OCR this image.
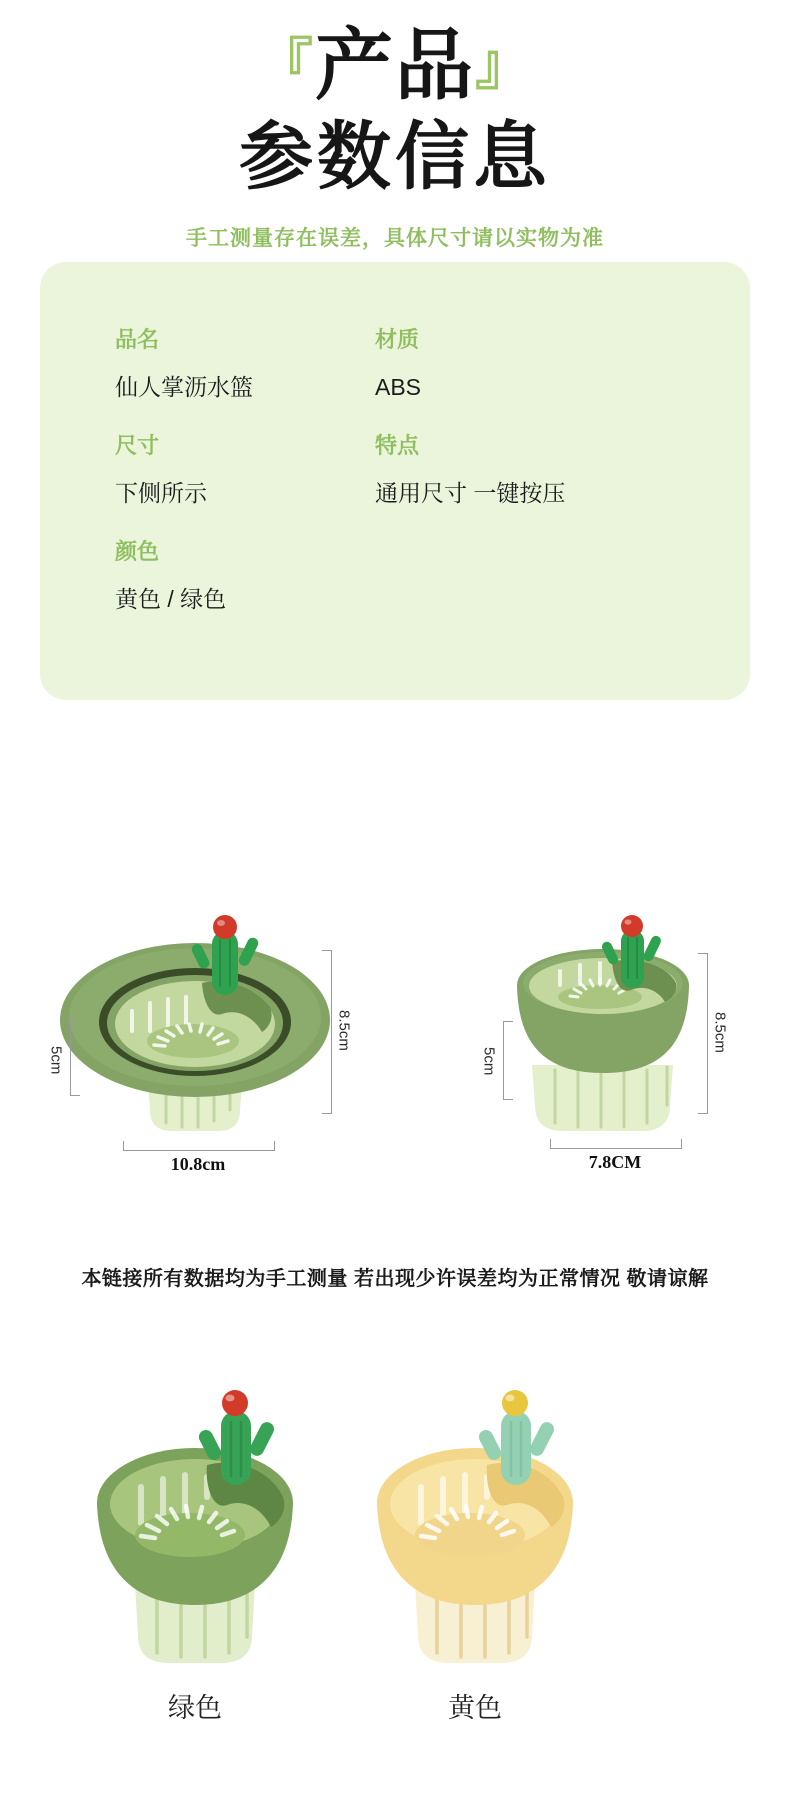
『产品』
参数信息

手工测量存在误差，具体尺寸请以实物为准

品名
仙人掌沥水篮
尺寸
下侧所示
颜色
黄色 / 绿色
材质
ABS
特点
通用尺寸 一键按压
5cm
8.5cm
10.8cm
5cm
8.5cm
7.8CM

本链接所有数据均为手工测量 若出现少许误差均为正常情况 敬请谅解

绿色	黄色
